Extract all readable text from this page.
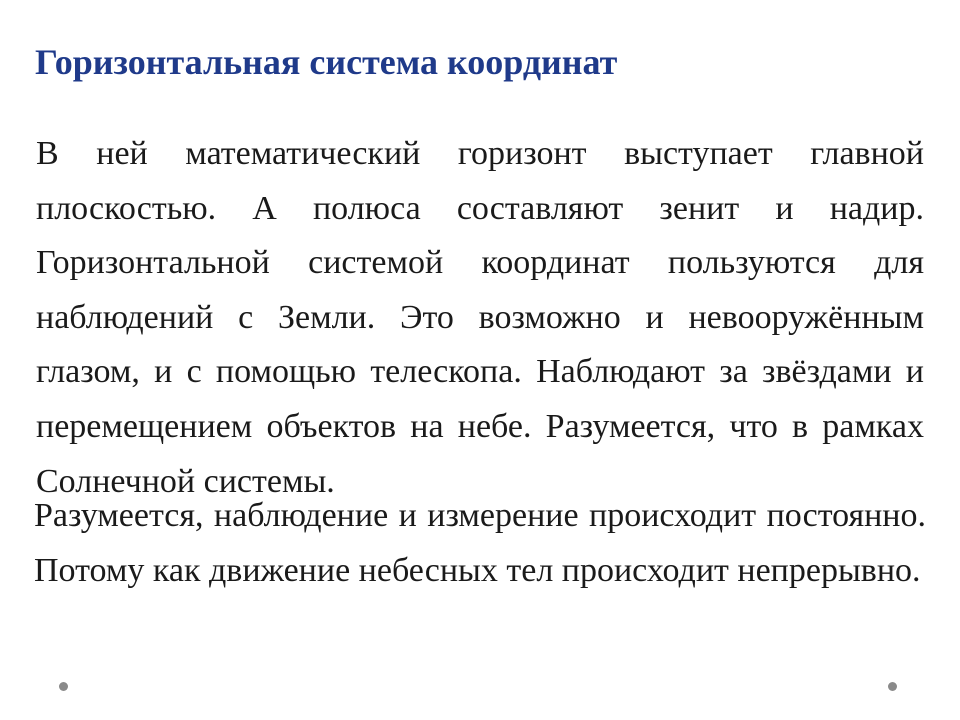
Горизонтальная система координат

В ней математический горизонт выступает главной плоскостью. А полюса составляют зенит и надир. Горизонтальной системой координат пользуются для наблюдений с Земли. Это возможно и невооружённым глазом, и с помощью телескопа. Наблюдают за звёздами и перемещением объектов на небе. Разумеется, что в рамках Солнечной системы.

Разумеется, наблюдение и измерение происходит постоянно. Потому как движение небесных тел происходит непрерывно.
